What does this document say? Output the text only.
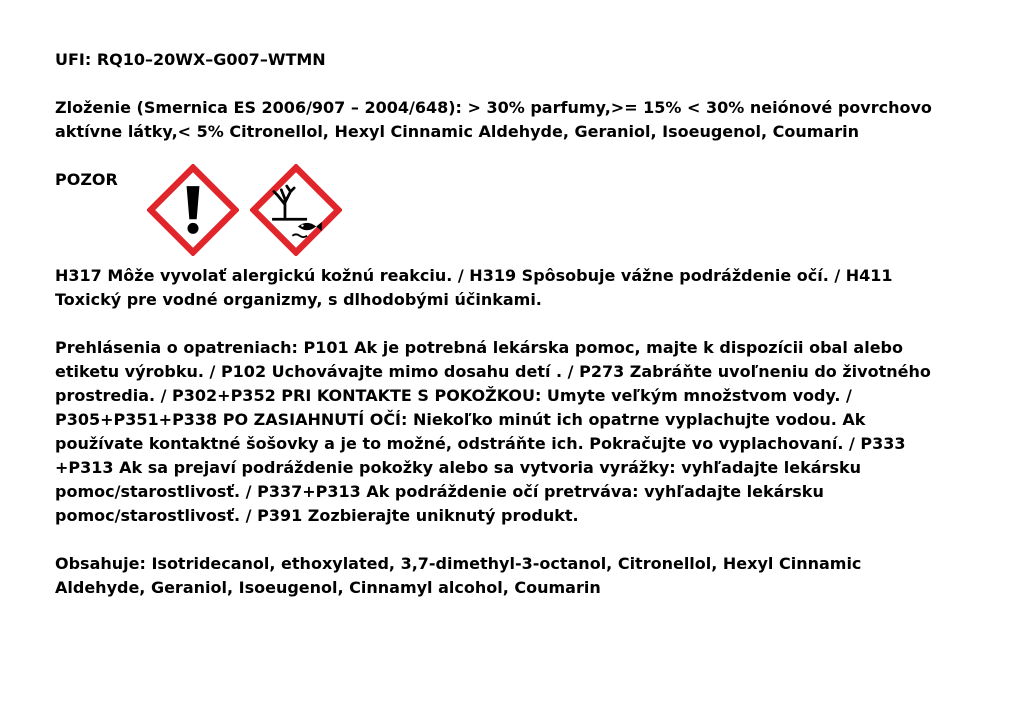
UFI: RQ10–20WX–G007–WTMN
Zloženie (Smernica ES 2006/907 – 2004/648): > 30% parfumy,>= 15% < 30% neiónové povrchovo aktívne látky,< 5% Citronellol, Hexyl Cinnamic Aldehyde, Geraniol, Isoeugenol, Coumarin
POZOR
H317 Môže vyvolať alergickú kožnú reakciu. / H319 Spôsobuje vážne podráždenie očí. / H411 Toxický pre vodné organizmy, s dlhodobými účinkami.
Prehlásenia o opatreniach: P101 Ak je potrebná lekárska pomoc, majte k dispozícii obal alebo etiketu výrobku. / P102 Uchovávajte mimo dosahu detí . / P273 Zabráňte uvoľneniu do životného prostredia. / P302+P352 PRI KONTAKTE S POKOŽKOU: Umyte veľkým množstvom vody. / P305+P351+P338 PO ZASIAHNUTÍ OČÍ: Niekoľko minút ich opatrne vyplachujte vodou. Ak používate kontaktné šošovky a je to možné, odstráňte ich. Pokračujte vo vyplachovaní. / P333 +P313 Ak sa prejaví podráždenie pokožky alebo sa vytvoria vyrážky: vyhľadajte lekársku pomoc/starostlivosť. / P337+P313 Ak podráždenie očí pretrváva: vyhľadajte lekársku pomoc/starostlivosť. / P391 Zozbierajte uniknutý produkt.
Obsahuje: Isotridecanol, ethoxylated, 3,7-dimethyl-3-octanol, Citronellol, Hexyl Cinnamic Aldehyde, Geraniol, Isoeugenol, Cinnamyl alcohol, Coumarin
